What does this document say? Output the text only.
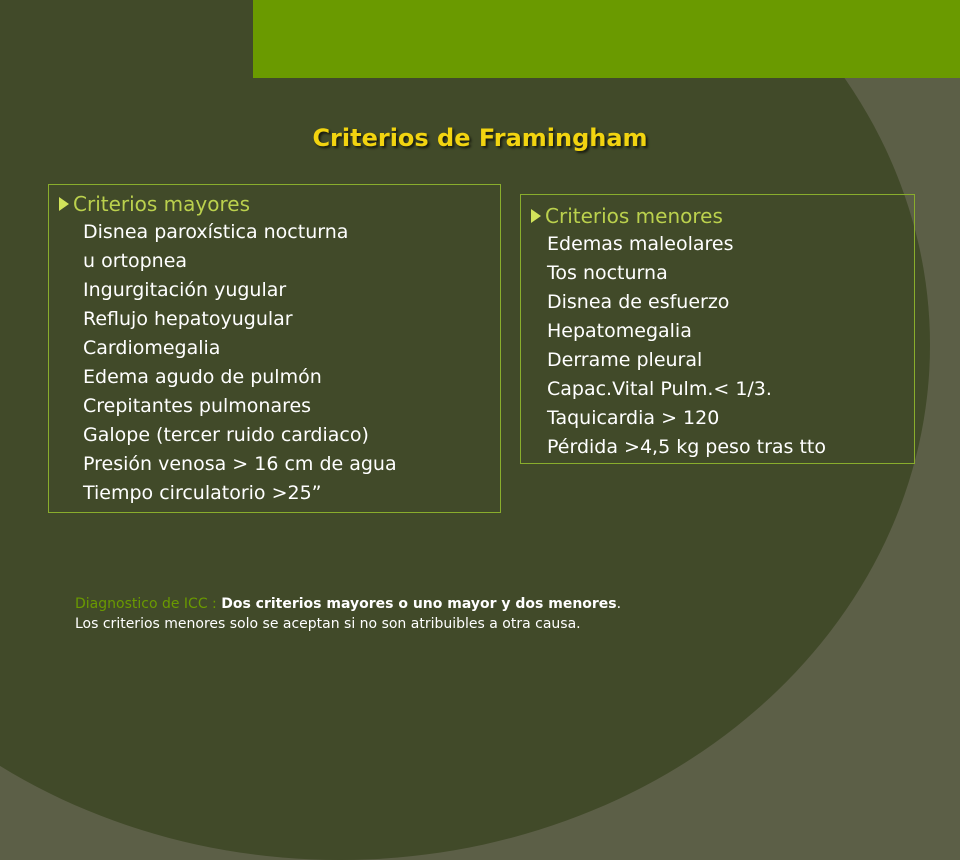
Criterios de Framingham
Criterios mayores
Disnea paroxística nocturna
u ortopnea
Ingurgitación yugular
Reflujo hepatoyugular
Cardiomegalia
Edema agudo de pulmón
Crepitantes pulmonares
Galope (tercer ruido cardiaco)
Presión venosa > 16 cm de agua
Tiempo circulatorio >25”
Criterios menores
Edemas maleolares
Tos nocturna
Disnea de esfuerzo
Hepatomegalia
Derrame pleural
Capac.Vital Pulm.< 1/3.
Taquicardia > 120
Pérdida >4,5 kg peso tras tto
Diagnostico de ICC : Dos criterios mayores o uno mayor y dos menores.
Los criterios menores solo se aceptan si no son atribuibles a otra causa.
